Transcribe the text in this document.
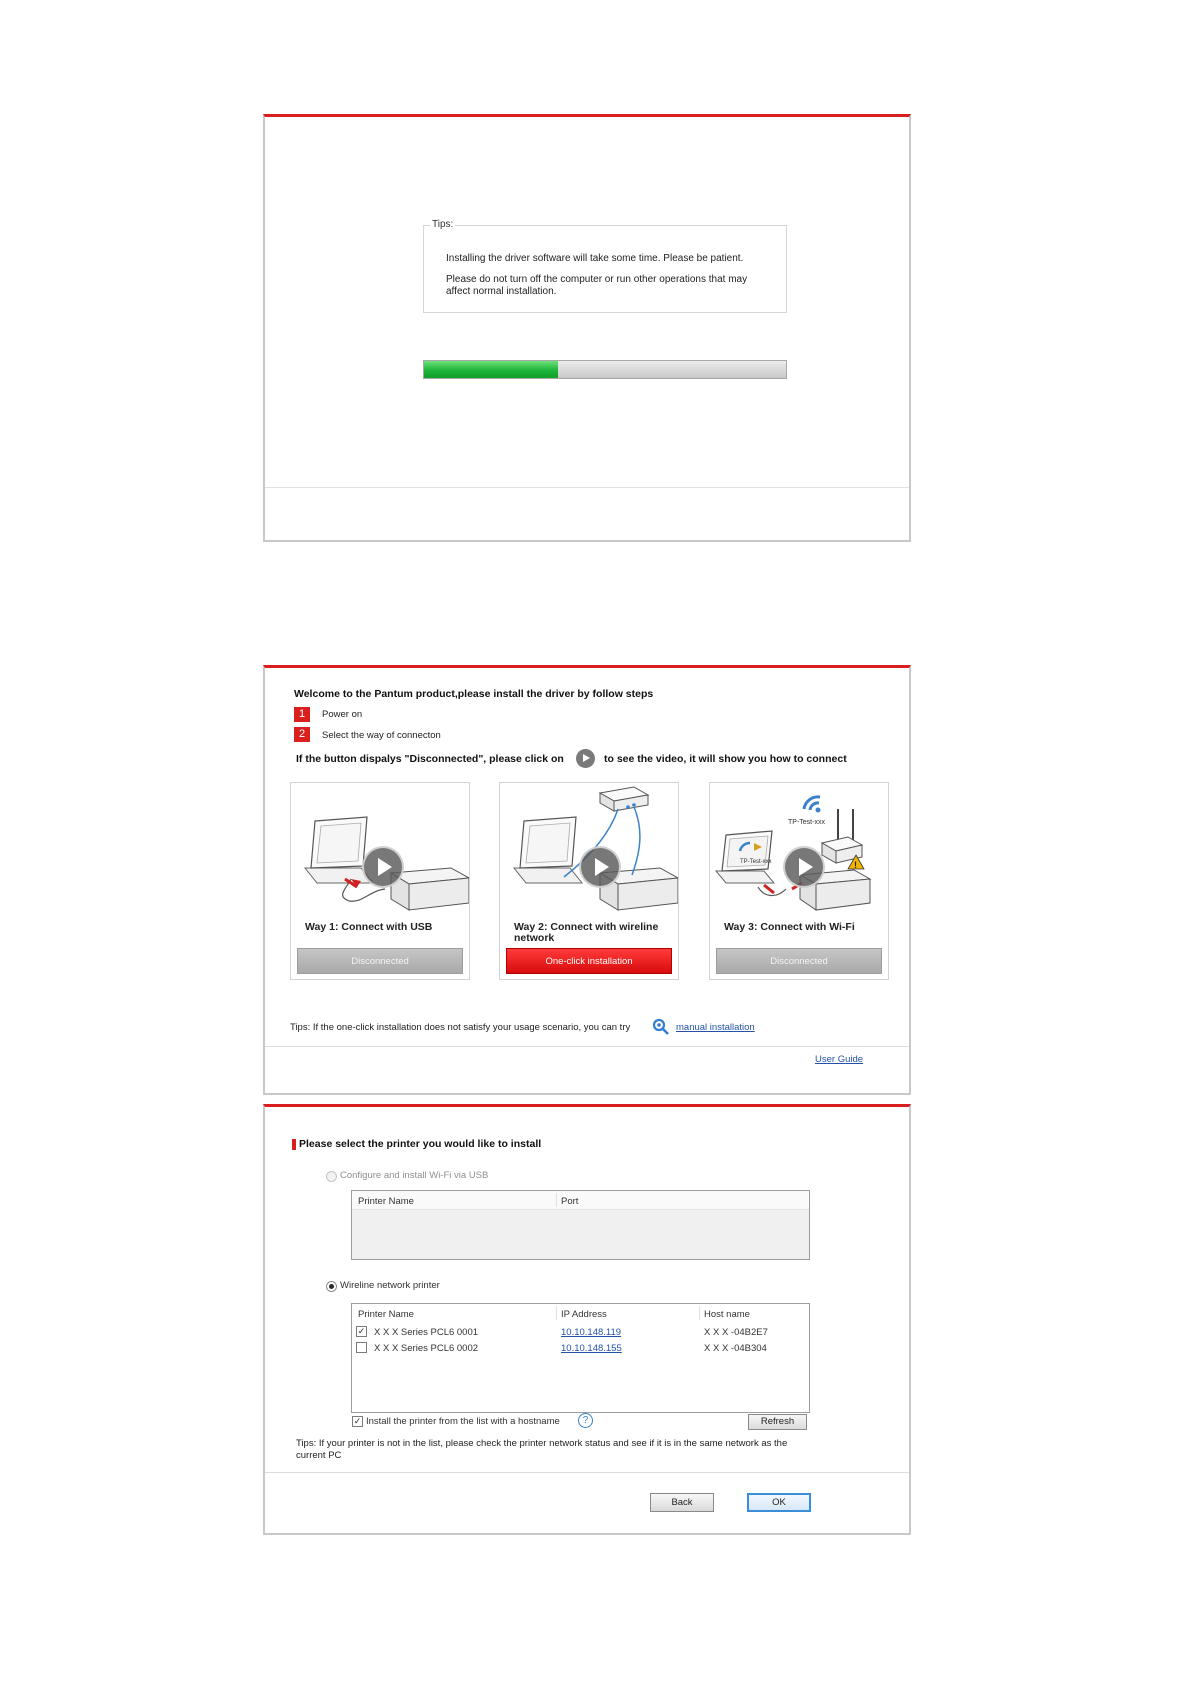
Tips:
Installing the driver software will take some time. Please be patient.
Please do not turn off the computer or run other operations that may affect normal installation.
Welcome to the Pantum product,please install the driver by follow steps
1	Power on
2	Select the way of connecton
If the button dispalys "Disconnected", please click on	to see the video, it will show you how to connect
Way 1: Connect with USB
Disconnected
Way 2: Connect with wireline network
One-click installation
TP-Test-xxx
TP-Test-xxx	!
Way 3: Connect with Wi-Fi
Disconnected
Tips: If the one-click installation does not satisfy your usage scenario, you can try	manual installation
User Guide
Please select the printer you would like to install
Configure and install Wi-Fi via USB
Printer Name	Port
Wireline network printer
Printer Name	IP Address	Host name
✓ X X X Series PCL6 0001	10.10.148.119	X X X -04B2E7
X X X Series PCL6 0002	10.10.148.155	X X X -04B304
✓ Install the printer from the list with a hostname	?	Refresh
Tips: If your printer is not in the list, please check the printer network status and see if it is in the same network as the current PC
Back	OK
